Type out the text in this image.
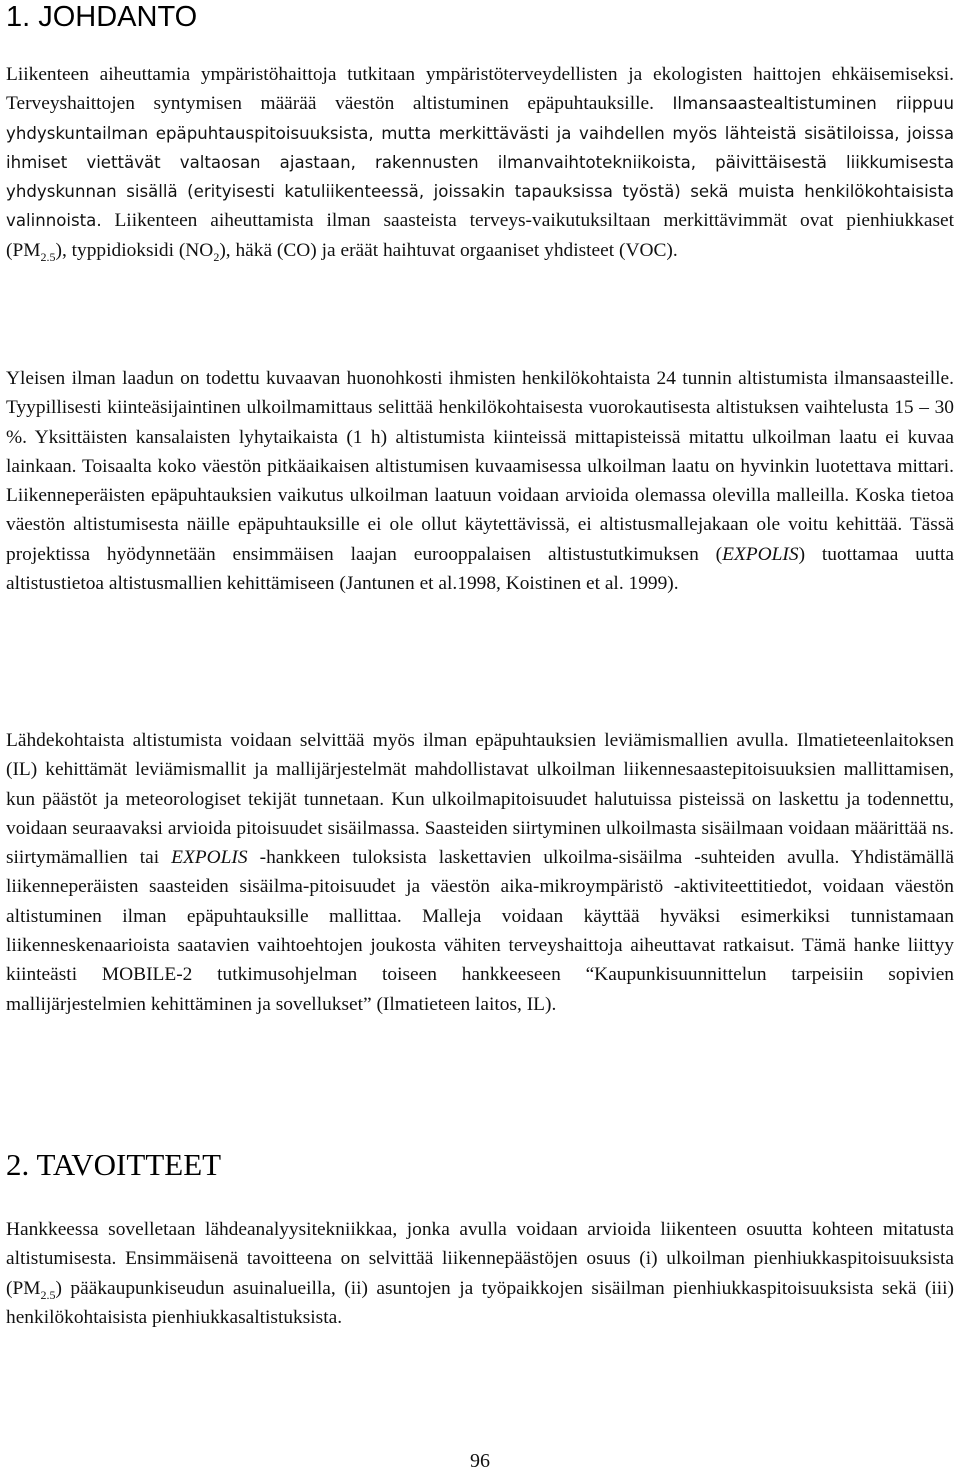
1. JOHDANTO

Liikenteen aiheuttamia ympäristöhaittoja tutkitaan ympäristöterveydellisten ja ekologisten haittojen ehkäisemiseksi. Terveyshaittojen syntymisen määrää väestön altistuminen epäpuhtauksille. Ilmansaastealtistuminen riippuu yhdyskuntailman epäpuhtauspitoisuuksista, mutta merkittävästi ja vaihdellen myös lähteistä sisätiloissa, joissa ihmiset viettävät valtaosan ajastaan, rakennusten ilmanvaihtotekniikoista, päivittäisestä liikkumisesta yhdyskunnan sisällä (erityisesti katuliikenteessä, joissakin tapauksissa työstä) sekä muista henkilökohtaisista valinnoista. Liikenteen aiheuttamista ilman saasteista terveys-vaikutuksiltaan merkittävimmät ovat pienhiukkaset $(PM_{2.5})$, typpidioksidi $(NO_2)$, häkä (CO) ja eräät haihtuvat orgaaniset yhdisteet (VOC).

Yleisen ilman laadun on todettu kuvaavan huonohkosti ihmisten henkilökohtaista 24 tunnin altistumista ilmansaasteille. Tyypillisesti kiinteäsijaintinen ulkoilmamittaus selittää henkilökohtaisesta vuorokautisesta altistuksen vaihtelusta 15 – 30 %. Yksittäisten kansalaisten lyhytaikaista (1 h) altistumista kiinteissä mittapisteissä mitattu ulkoilman laatu ei kuvaa lainkaan. Toisaalta koko väestön pitkäaikaisen altistumisen kuvaamisessa ulkoilman laatu on hyvinkin luotettava mittari. Liikenneperäisten epäpuhtauksien vaikutus ulkoilman laatuun voidaan arvioida olemassa olevilla malleilla. Koska tietoa väestön altistumisesta näille epäpuhtauksille ei ole ollut käytettävissä, ei altistusmallejakaan ole voitu kehittää. Tässä projektissa hyödynnetään ensimmäisen laajan eurooppalaisen altistustutkimuksen (EXPOLIS) tuottamaa uutta altistustietoa altistusmallien kehittämiseen (Jantunen et al.1998, Koistinen et al. 1999).

Lähdekohtaista altistumista voidaan selvittää myös ilman epäpuhtauksien leviämismallien avulla. Ilmatieteenlaitoksen (IL) kehittämät leviämismallit ja mallijärjestelmät mahdollistavat ulkoilman liikennesaastepitoisuuksien mallittamisen, kun päästöt ja meteorologiset tekijät tunnetaan. Kun ulkoilmapitoisuudet halutuissa pisteissä on laskettu ja todennettu, voidaan seuraavaksi arvioida pitoisuudet sisäilmassa. Saasteiden siirtyminen ulkoilmasta sisäilmaan voidaan määrittää ns. siirtymämallien tai EXPOLIS -hankkeen tuloksista laskettavien ulkoilma-sisäilma -suhteiden avulla. Yhdistämällä liikenneperäisten saasteiden sisäilma-pitoisuudet ja väestön aika-mikroympäristö -aktiviteettitiedot, voidaan väestön altistuminen ilman epäpuhtauksille mallittaa. Malleja voidaan käyttää hyväksi esimerkiksi tunnistamaan liikenneskenaarioista saatavien vaihtoehtojen joukosta vähiten terveyshaittoja aiheuttavat ratkaisut. Tämä hanke liittyy kiinteästi MOBILE-2 tutkimusohjelman toiseen hankkeeseen “Kaupunkisuunnittelun tarpeisiin sopivien mallijärjestelmien kehittäminen ja sovellukset” (Ilmatieteen laitos, IL).

2. TAVOITTEET

Hankkeessa sovelletaan lähdeanalyysitekniikkaa, jonka avulla voidaan arvioida liikenteen osuutta kohteen mitatusta altistumisesta. Ensimmäisenä tavoitteena on selvittää liikennepäästöjen osuus (i) ulkoilman pienhiukkaspitoisuuksista $(PM_{2.5})$ pääkaupunkiseudun asuinalueilla, (ii) asuntojen ja työpaikkojen sisäilman pienhiukkaspitoisuuksista sekä (iii) henkilökohtaisista pienhiukkasaltistuksista.

96
